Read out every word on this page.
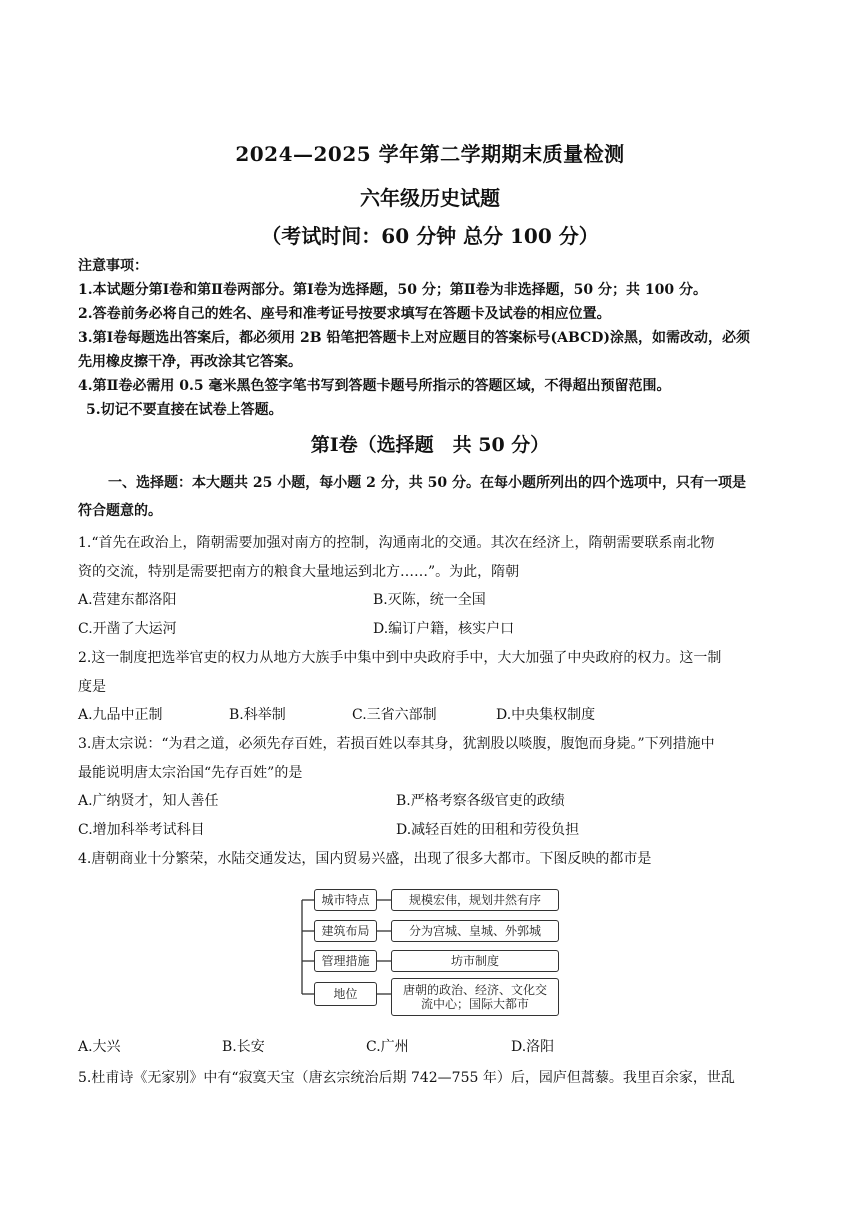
2024—2025 学年第二学期期末质量检测
六年级历史试题
（考试时间：60 分钟 总分 100 分）
注意事项：
1.本试题分第Ⅰ卷和第Ⅱ卷两部分。第Ⅰ卷为选择题，50 分；第Ⅱ卷为非选择题，50 分；共 100 分。
2.答卷前务必将自己的姓名、座号和准考证号按要求填写在答题卡及试卷的相应位置。
3.第Ⅰ卷每题选出答案后，都必须用 2B 铅笔把答题卡上对应题目的答案标号(ABCD)涂黑，如需改动，必须
先用橡皮擦干净，再改涂其它答案。
4.第Ⅱ卷必需用 0.5 毫米黑色签字笔书写到答题卡题号所指示的答题区域，不得超出预留范围。
5.切记不要直接在试卷上答题。
第Ⅰ卷（选择题　共 50 分）
一、选择题：本大题共 25 小题，每小题 2 分，共 50 分。在每小题所列出的四个选项中，只有一项是
符合题意的。
1.“首先在政治上，隋朝需要加强对南方的控制，沟通南北的交通。其次在经济上，隋朝需要联系南北物
资的交流，特别是需要把南方的粮食大量地运到北方……”。为此，隋朝
A.营建东都洛阳	B.灭陈，统一全国
C.开凿了大运河	D.编订户籍，核实户口
2.这一制度把选举官吏的权力从地方大族手中集中到中央政府手中，大大加强了中央政府的权力。这一制
度是
A.九品中正制	B.科举制	C.三省六部制	D.中央集权制度
3.唐太宗说：“为君之道，必须先存百姓，若损百姓以奉其身，犹割股以啖腹，腹饱而身毙。”下列措施中
最能说明唐太宗治国“先存百姓”的是
A.广纳贤才，知人善任	B.严格考察各级官吏的政绩
C.增加科举考试科目	D.减轻百姓的田租和劳役负担
4.唐朝商业十分繁荣，水陆交通发达，国内贸易兴盛，出现了很多大都市。下图反映的都市是
城市特点	规模宏伟，规划井然有序
建筑布局	分为宫城、皇城、外郭城
管理措施	坊市制度
地位	唐朝的政治、经济、文化交流中心；国际大都市
A.大兴	B.长安	C.广州	D.洛阳
5.杜甫诗《无家别》中有“寂寞天宝（唐玄宗统治后期 742—755 年）后，园庐但蒿藜。我里百余家，世乱
